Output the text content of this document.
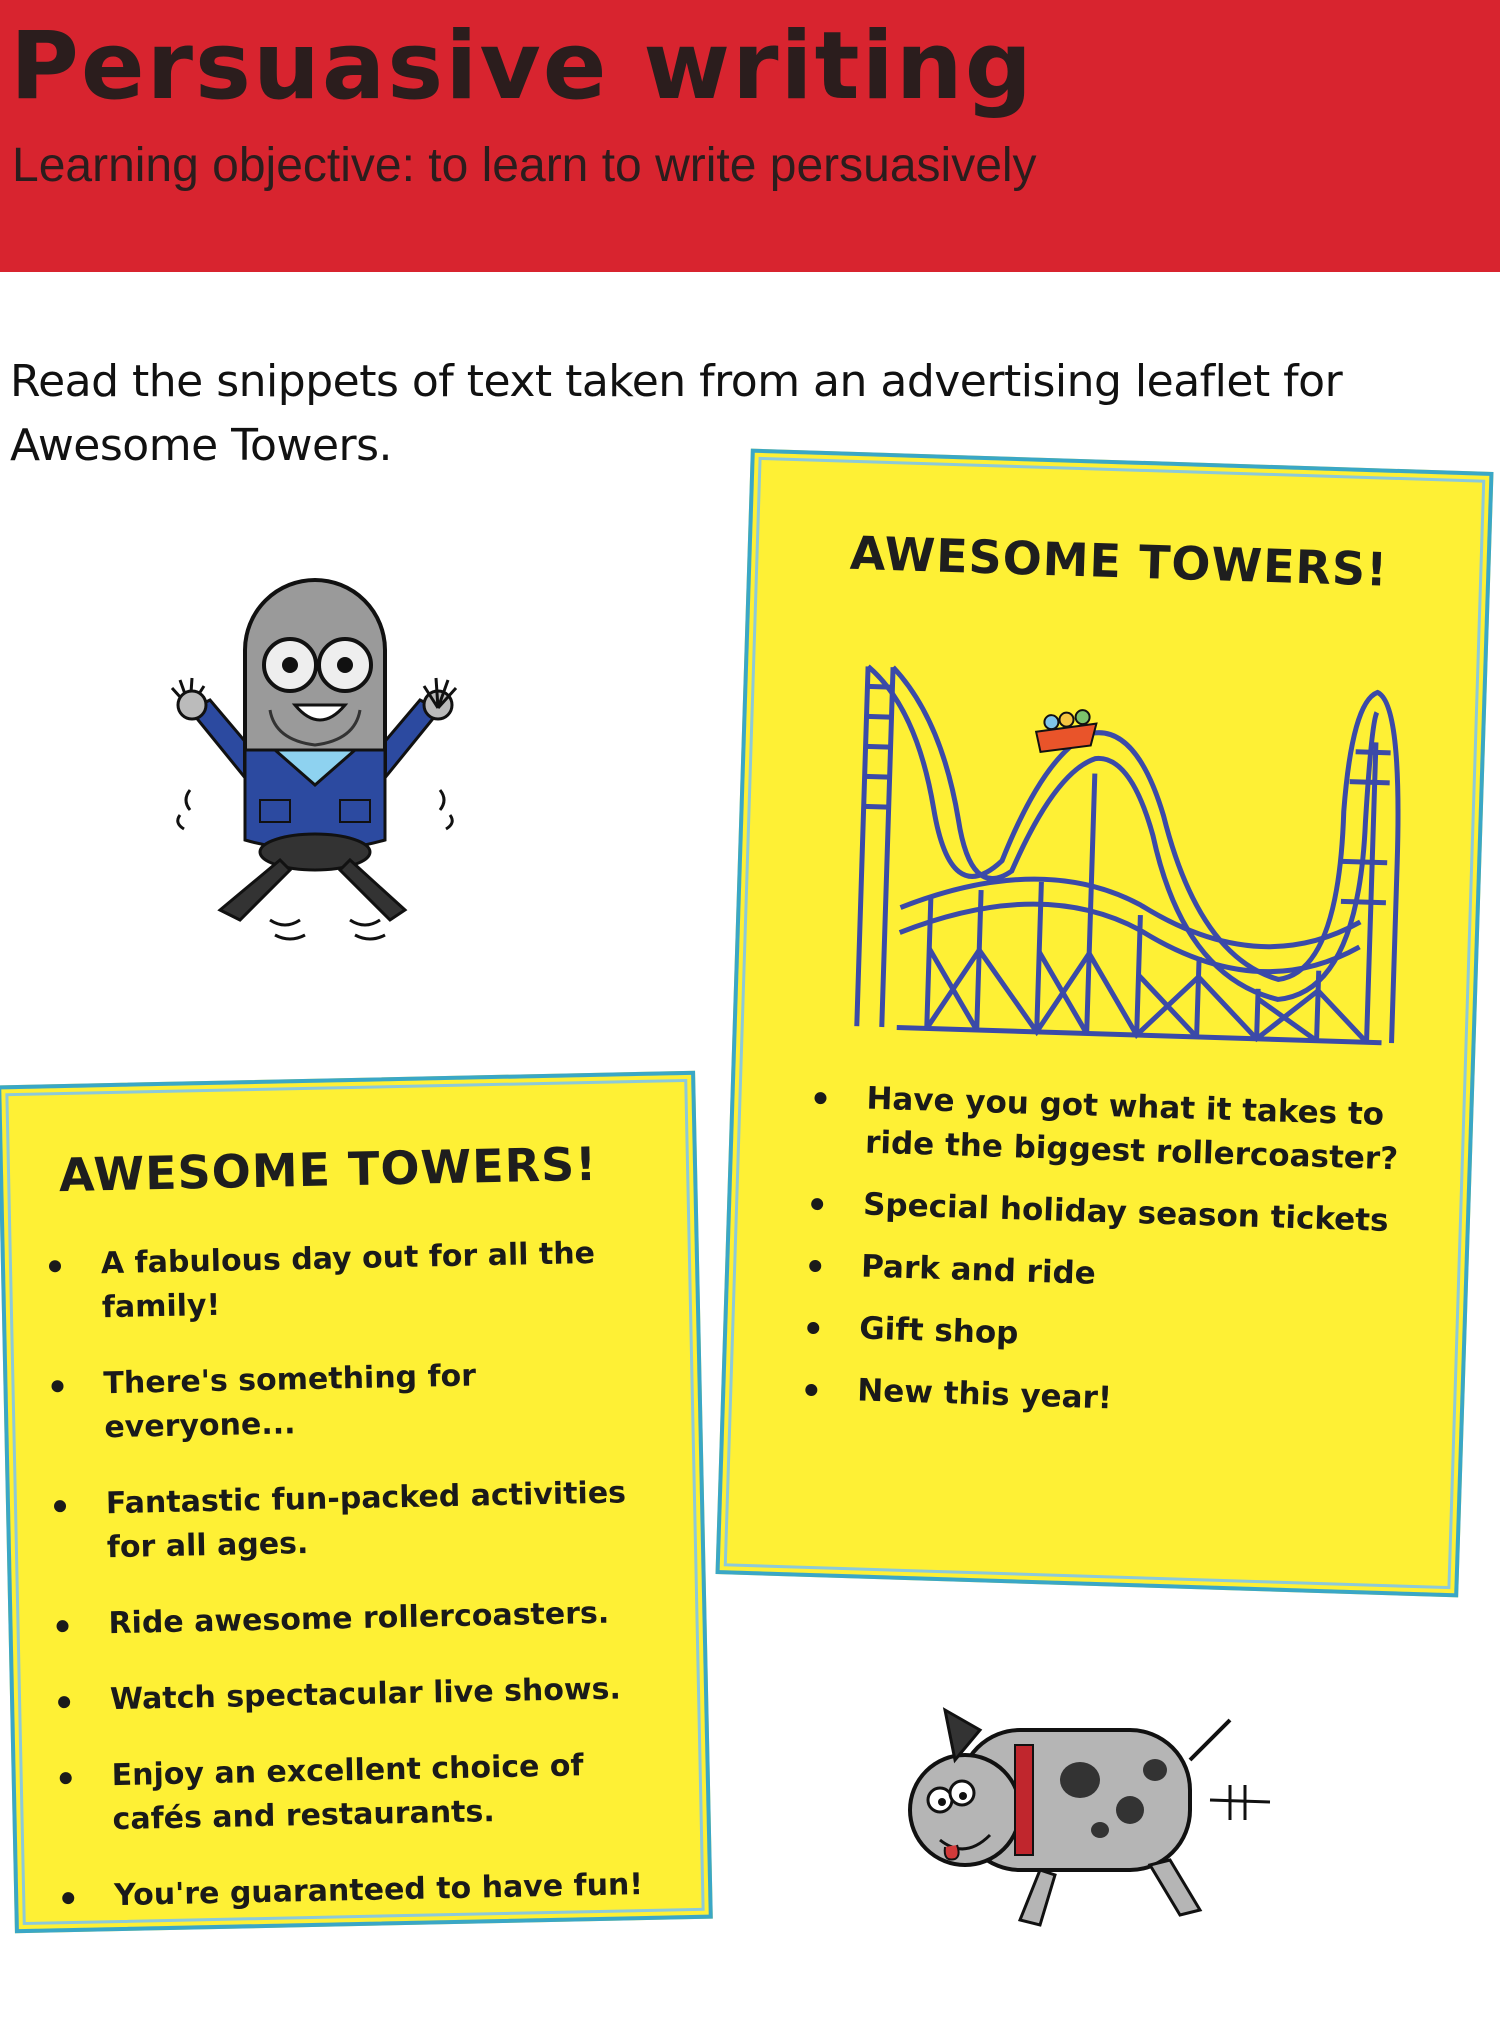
Persuasive writing
Learning objective: to learn to write persuasively
Read the snippets of text taken from an advertising leaflet for Awesome Towers.
AWESOME TOWERS!
A fabulous day out for all the family!
There's something for everyone...
Fantastic fun-packed activities for all ages.
Ride awesome rollercoasters.
Watch spectacular live shows.
Enjoy an excellent choice of cafés and restaurants.
You're guaranteed to have fun!
AWESOME TOWERS!
Have you got what it takes to ride the biggest rollercoaster?
Special holiday season tickets
Park and ride
Gift shop
New this year!
